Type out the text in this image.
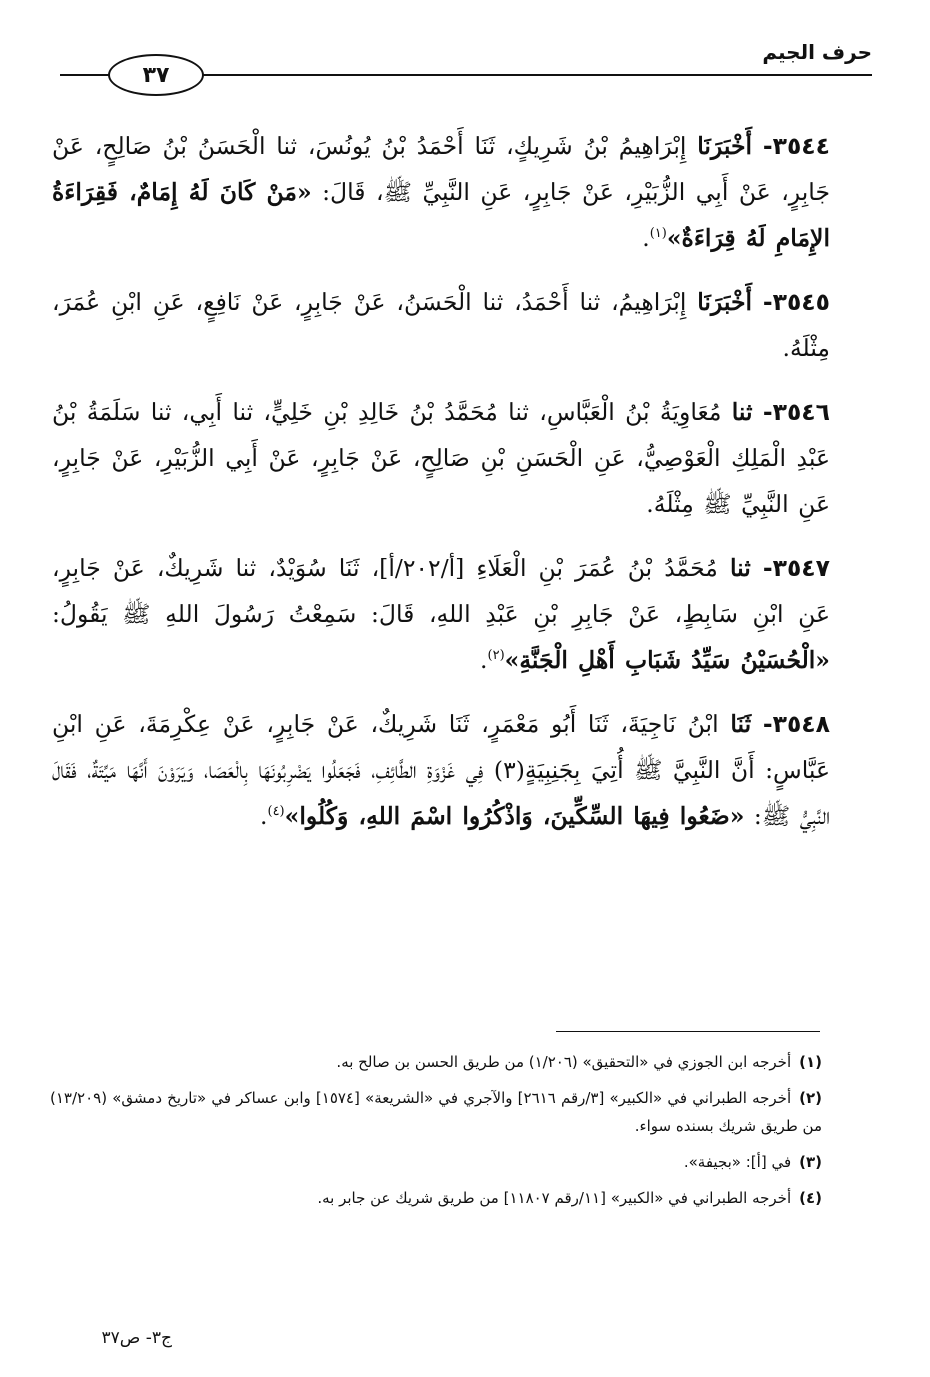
حرف الجيم
٣٧

٣٥٤٤- أَخْبَرَنَا إِبْرَاهِيمُ بْنُ شَرِيكٍ، ثَنَا أَحْمَدُ بْنُ يُونُسَ، ثنا الْحَسَنُ بْنُ صَالِحٍ، عَنْ جَابِرٍ، عَنْ أَبِي الزُّبَيْرِ، عَنْ جَابِرٍ، عَنِ النَّبِيِّ ﷺ، قَالَ: «مَنْ كَانَ لَهُ إِمَامٌ، فَقِرَاءَةُ الإِمَامِ لَهُ قِرَاءَةٌ»$^{(١)}$.

٣٥٤٥- أَخْبَرَنَا إِبْرَاهِيمُ، ثنا أَحْمَدُ، ثنا الْحَسَنُ، عَنْ جَابِرٍ، عَنْ نَافِعٍ، عَنِ ابْنِ عُمَرَ، مِثْلَهُ.

٣٥٤٦- ثنا مُعَاوِيَةُ بْنُ الْعَبَّاسِ، ثنا مُحَمَّدُ بْنُ خَالِدِ بْنِ خَلِيٍّ، ثنا أَبِي، ثنا سَلَمَةُ بْنُ عَبْدِ الْمَلِكِ الْعَوْصِيُّ، عَنِ الْحَسَنِ بْنِ صَالِحٍ، عَنْ جَابِرٍ، عَنْ أَبِي الزُّبَيْرِ، عَنْ جَابِرٍ، عَنِ النَّبِيِّ ﷺ مِثْلَهُ.

٣٥٤٧- ثنا مُحَمَّدُ بْنُ عُمَرَ بْنِ الْعَلَاءِ [أ/٢٠٢/أ]، ثَنَا سُوَيْدٌ، ثنا شَرِيكٌ، عَنْ جَابِرٍ، عَنِ ابْنِ سَابِطٍ، عَنْ جَابِرِ بْنِ عَبْدِ اللهِ، قَالَ: سَمِعْتُ رَسُولَ اللهِ ﷺ يَقُولُ: «الْحُسَيْنُ سَيِّدُ شَبَابِ أَهْلِ الْجَنَّةِ»$^{(٢)}$.

٣٥٤٨- ثَنَا ابْنُ نَاجِيَةَ، ثَنَا أَبُو مَعْمَرٍ، ثَنَا شَرِيكٌ، عَنْ جَابِرٍ، عَنْ عِكْرِمَةَ، عَنِ ابْنِ عَبَّاسٍ: أَنَّ النَّبِيَّ ﷺ أُتِيَ بِجَنِبِيَةٍ(٣) فِي غَزْوَةِ الطَّائِفِ، فَجَعَلُوا يَضْرِبُونَهَا بِالْعَصَا، وَيَرَوْنَ أَنَّهَا مَيِّتَةٌ، فَقَالَ النَّبِيُّ ﷺ: «ضَعُوا فِيهَا السِّكِّينَ، وَاذْكُرُوا اسْمَ اللهِ، وَكُلُوا»$^{(٤)}$.

(١)أخرجه ابن الجوزي في «التحقيق» (١/٢٠٦) من طريق الحسن بن صالح به.
(٢)أخرجه الطبراني في «الكبير» [٣/رقم ٢٦١٦] والآجري في «الشريعة» [١٥٧٤] وابن عساكر في «تاريخ دمشق» (١٣/٢٠٩) من طريق شريك بسنده سواء.
(٣)في [أ]: «بجيفة».
(٤)أخرجه الطبراني في «الكبير» [١١/رقم ١١٨٠٧] من طريق شريك عن جابر به.
ج٣- ص٣٧
